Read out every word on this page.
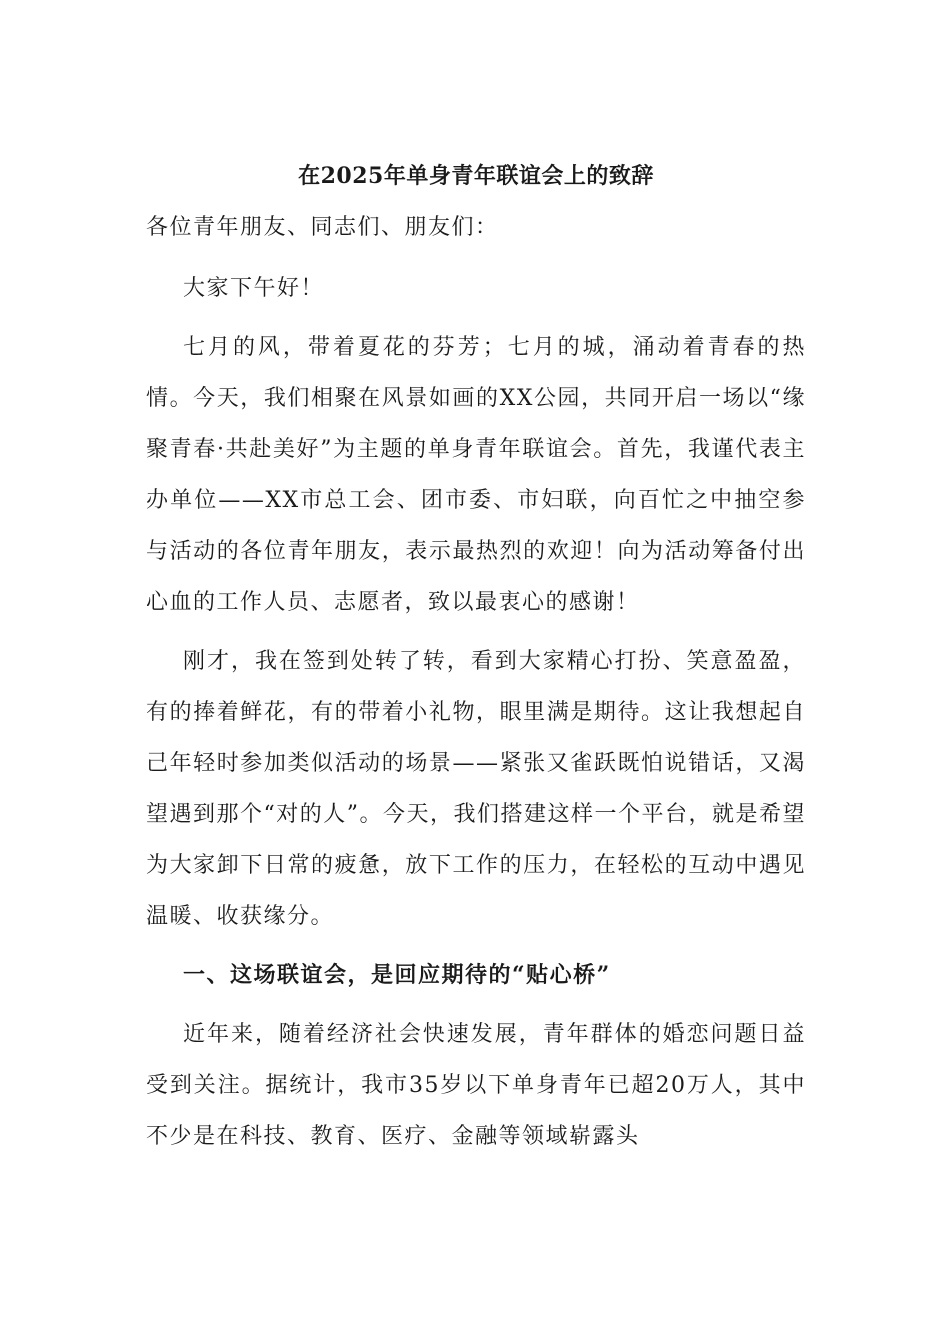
在2025年单身青年联谊会上的致辞

各位青年朋友、同志们、朋友们：

大家下午好！

七月的风，带着夏花的芬芳；七月的城，涌动着青春的热情。今天，我们相聚在风景如画的XX公园，共同开启一场以“缘聚青春·共赴美好”为主题的单身青年联谊会。首先，我谨代表主办单位——XX市总工会、团市委、市妇联，向百忙之中抽空参与活动的各位青年朋友，表示最热烈的欢迎！向为活动筹备付出心血的工作人员、志愿者，致以最衷心的感谢！

刚才，我在签到处转了转，看到大家精心打扮、笑意盈盈，有的捧着鲜花，有的带着小礼物，眼里满是期待。这让我想起自己年轻时参加类似活动的场景——紧张又雀跃既怕说错话，又渴望遇到那个“对的人”。今天，我们搭建这样一个平台，就是希望为大家卸下日常的疲惫，放下工作的压力，在轻松的互动中遇见温暖、收获缘分。

一、这场联谊会，是回应期待的“贴心桥”

近年来，随着经济社会快速发展，青年群体的婚恋问题日益受到关注。据统计，我市35岁以下单身青年已超20万人，其中不少是在科技、教育、医疗、金融等领域崭露头
